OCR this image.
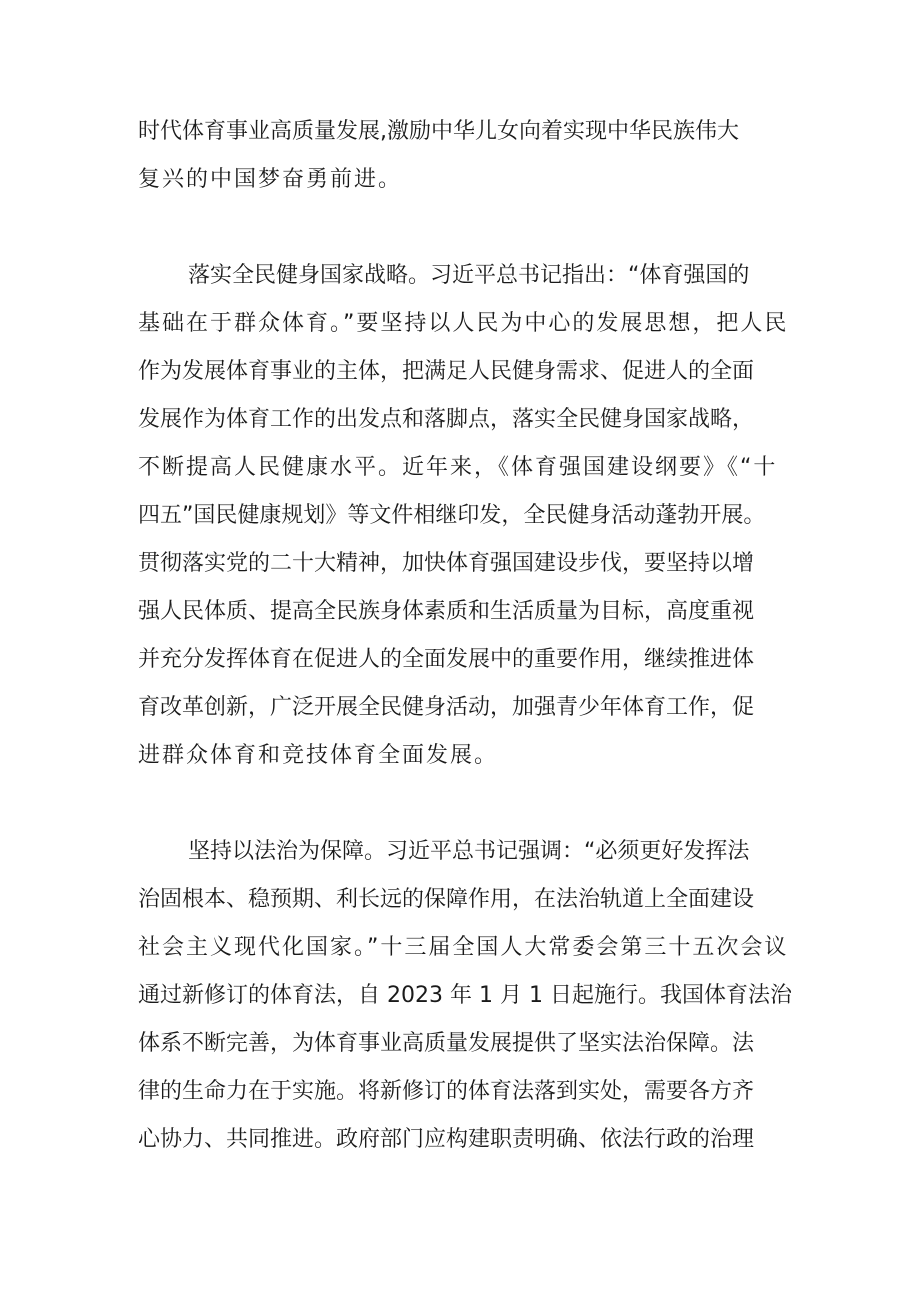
时代体育事业高质量发展,激励中华儿女向着实现中华民族伟大
复兴的中国梦奋勇前进。
落实全民健身国家战略。习近平总书记指出：“体育强国的
基础在于群众体育。”要坚持以人民为中心的发展思想，把人民
作为发展体育事业的主体，把满足人民健身需求、促进人的全面
发展作为体育工作的出发点和落脚点，落实全民健身国家战略，
不断提高人民健康水平。近年来，《体育强国建设纲要》《“十
四五”国民健康规划》等文件相继印发，全民健身活动蓬勃开展。
贯彻落实党的二十大精神，加快体育强国建设步伐，要坚持以增
强人民体质、提高全民族身体素质和生活质量为目标，高度重视
并充分发挥体育在促进人的全面发展中的重要作用，继续推进体
育改革创新，广泛开展全民健身活动，加强青少年体育工作，促
进群众体育和竞技体育全面发展。
坚持以法治为保障。习近平总书记强调：“必须更好发挥法
治固根本、稳预期、利长远的保障作用，在法治轨道上全面建设
社会主义现代化国家。”十三届全国人大常委会第三十五次会议
通过新修订的体育法，自 2023 年 1 月 1 日起施行。我国体育法治
体系不断完善，为体育事业高质量发展提供了坚实法治保障。法
律的生命力在于实施。将新修订的体育法落到实处，需要各方齐
心协力、共同推进。政府部门应构建职责明确、依法行政的治理
